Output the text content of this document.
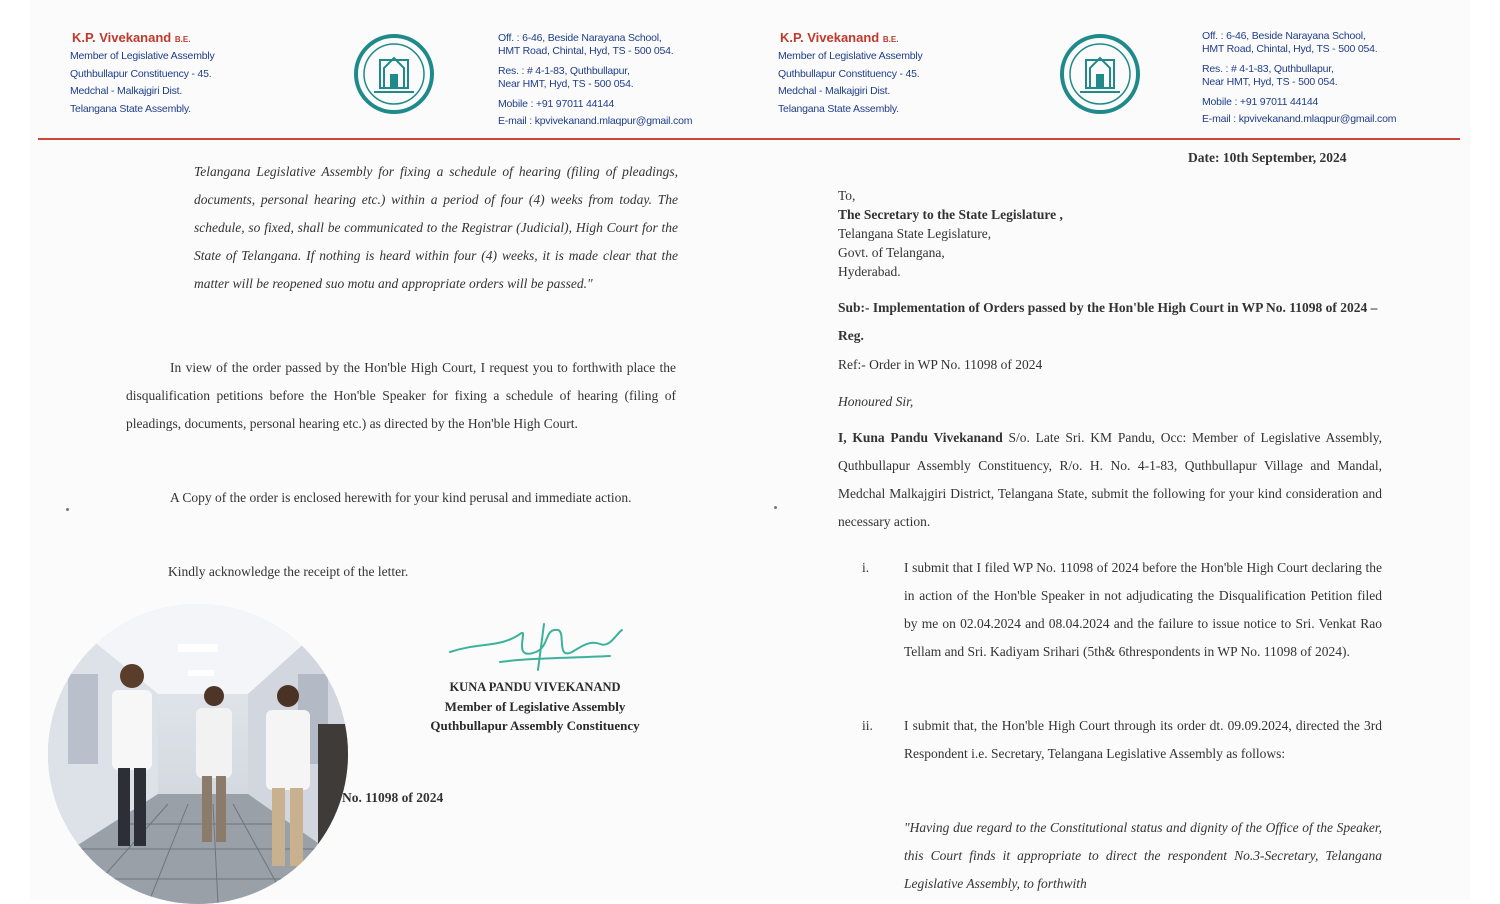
K.P. Vivekanand B.E.
Member of Legislative Assembly
Quthbullapur Constituency - 45.
Medchal - Malkajgiri Dist.
Telangana State Assembly.
Off. : 6-46, Beside Narayana School,
HMT Road, Chintal, Hyd, TS - 500 054.
Res. : # 4-1-83, Quthbullapur,
Near HMT, Hyd, TS - 500 054.
Mobile : +91 97011 44144
E-mail : kpvivekanand.mlaqpur@gmail.com
K.P. Vivekanand B.E.
Member of Legislative Assembly
Quthbullapur Constituency - 45.
Medchal - Malkajgiri Dist.
Telangana State Assembly.
Off. : 6-46, Beside Narayana School,
HMT Road, Chintal, Hyd, TS - 500 054.
Res. : # 4-1-83, Quthbullapur,
Near HMT, Hyd, TS - 500 054.
Mobile : +91 97011 44144
E-mail : kpvivekanand.mlaqpur@gmail.com
Telangana Legislative Assembly for fixing a schedule of hearing (filing of pleadings, documents, personal hearing etc.) within a period of four (4) weeks from today. The schedule, so fixed, shall be communicated to the Registrar (Judicial), High Court for the State of Telangana. If nothing is heard within four (4) weeks, it is made clear that the matter will be reopened suo motu and appropriate orders will be passed."
In view of the order passed by the Hon'ble High Court, I request you to forthwith place the disqualification petitions before the Hon'ble Speaker for fixing a schedule of hearing (filing of pleadings, documents, personal hearing etc.) as directed by the Hon'ble High Court.
A Copy of the order is enclosed herewith for your kind perusal and immediate action.
Kindly acknowledge the receipt of the letter.
KUNA PANDU VIVEKANAND
Member of Legislative Assembly
Quthbullapur Assembly Constituency
No. 11098 of 2024
Date: 10th September, 2024
To,
The Secretary to the State Legislature ,
Telangana State Legislature,
Govt. of Telangana,
Hyderabad.
Sub:- Implementation of Orders passed by the Hon'ble High Court in WP No. 11098 of 2024 – Reg.
Ref:- Order in WP No. 11098 of 2024
Honoured Sir,
I, Kuna Pandu Vivekanand S/o. Late Sri. KM Pandu, Occ: Member of Legislative Assembly, Quthbullapur Assembly Constituency, R/o. H. No. 4-1-83, Quthbullapur Village and Mandal, Medchal Malkajgiri District, Telangana State, submit the following for your kind consideration and necessary action.
i.	I submit that I filed WP No. 11098 of 2024 before the Hon'ble High Court declaring the in action of the Hon'ble Speaker in not adjudicating the Disqualification Petition filed by me on 02.04.2024 and 08.04.2024 and the failure to issue notice to Sri. Venkat Rao Tellam and Sri. Kadiyam Srihari (5th& 6threspondents in WP No. 11098 of 2024).
ii. I submit that, the Hon'ble High Court through its order dt. 09.09.2024, directed the 3rd Respondent i.e. Secretary, Telangana Legislative Assembly as follows:
"Having due regard to the Constitutional status and dignity of the Office of the Speaker, this Court finds it appropriate to direct the respondent No.3-Secretary, Telangana Legislative Assembly, to forthwith
